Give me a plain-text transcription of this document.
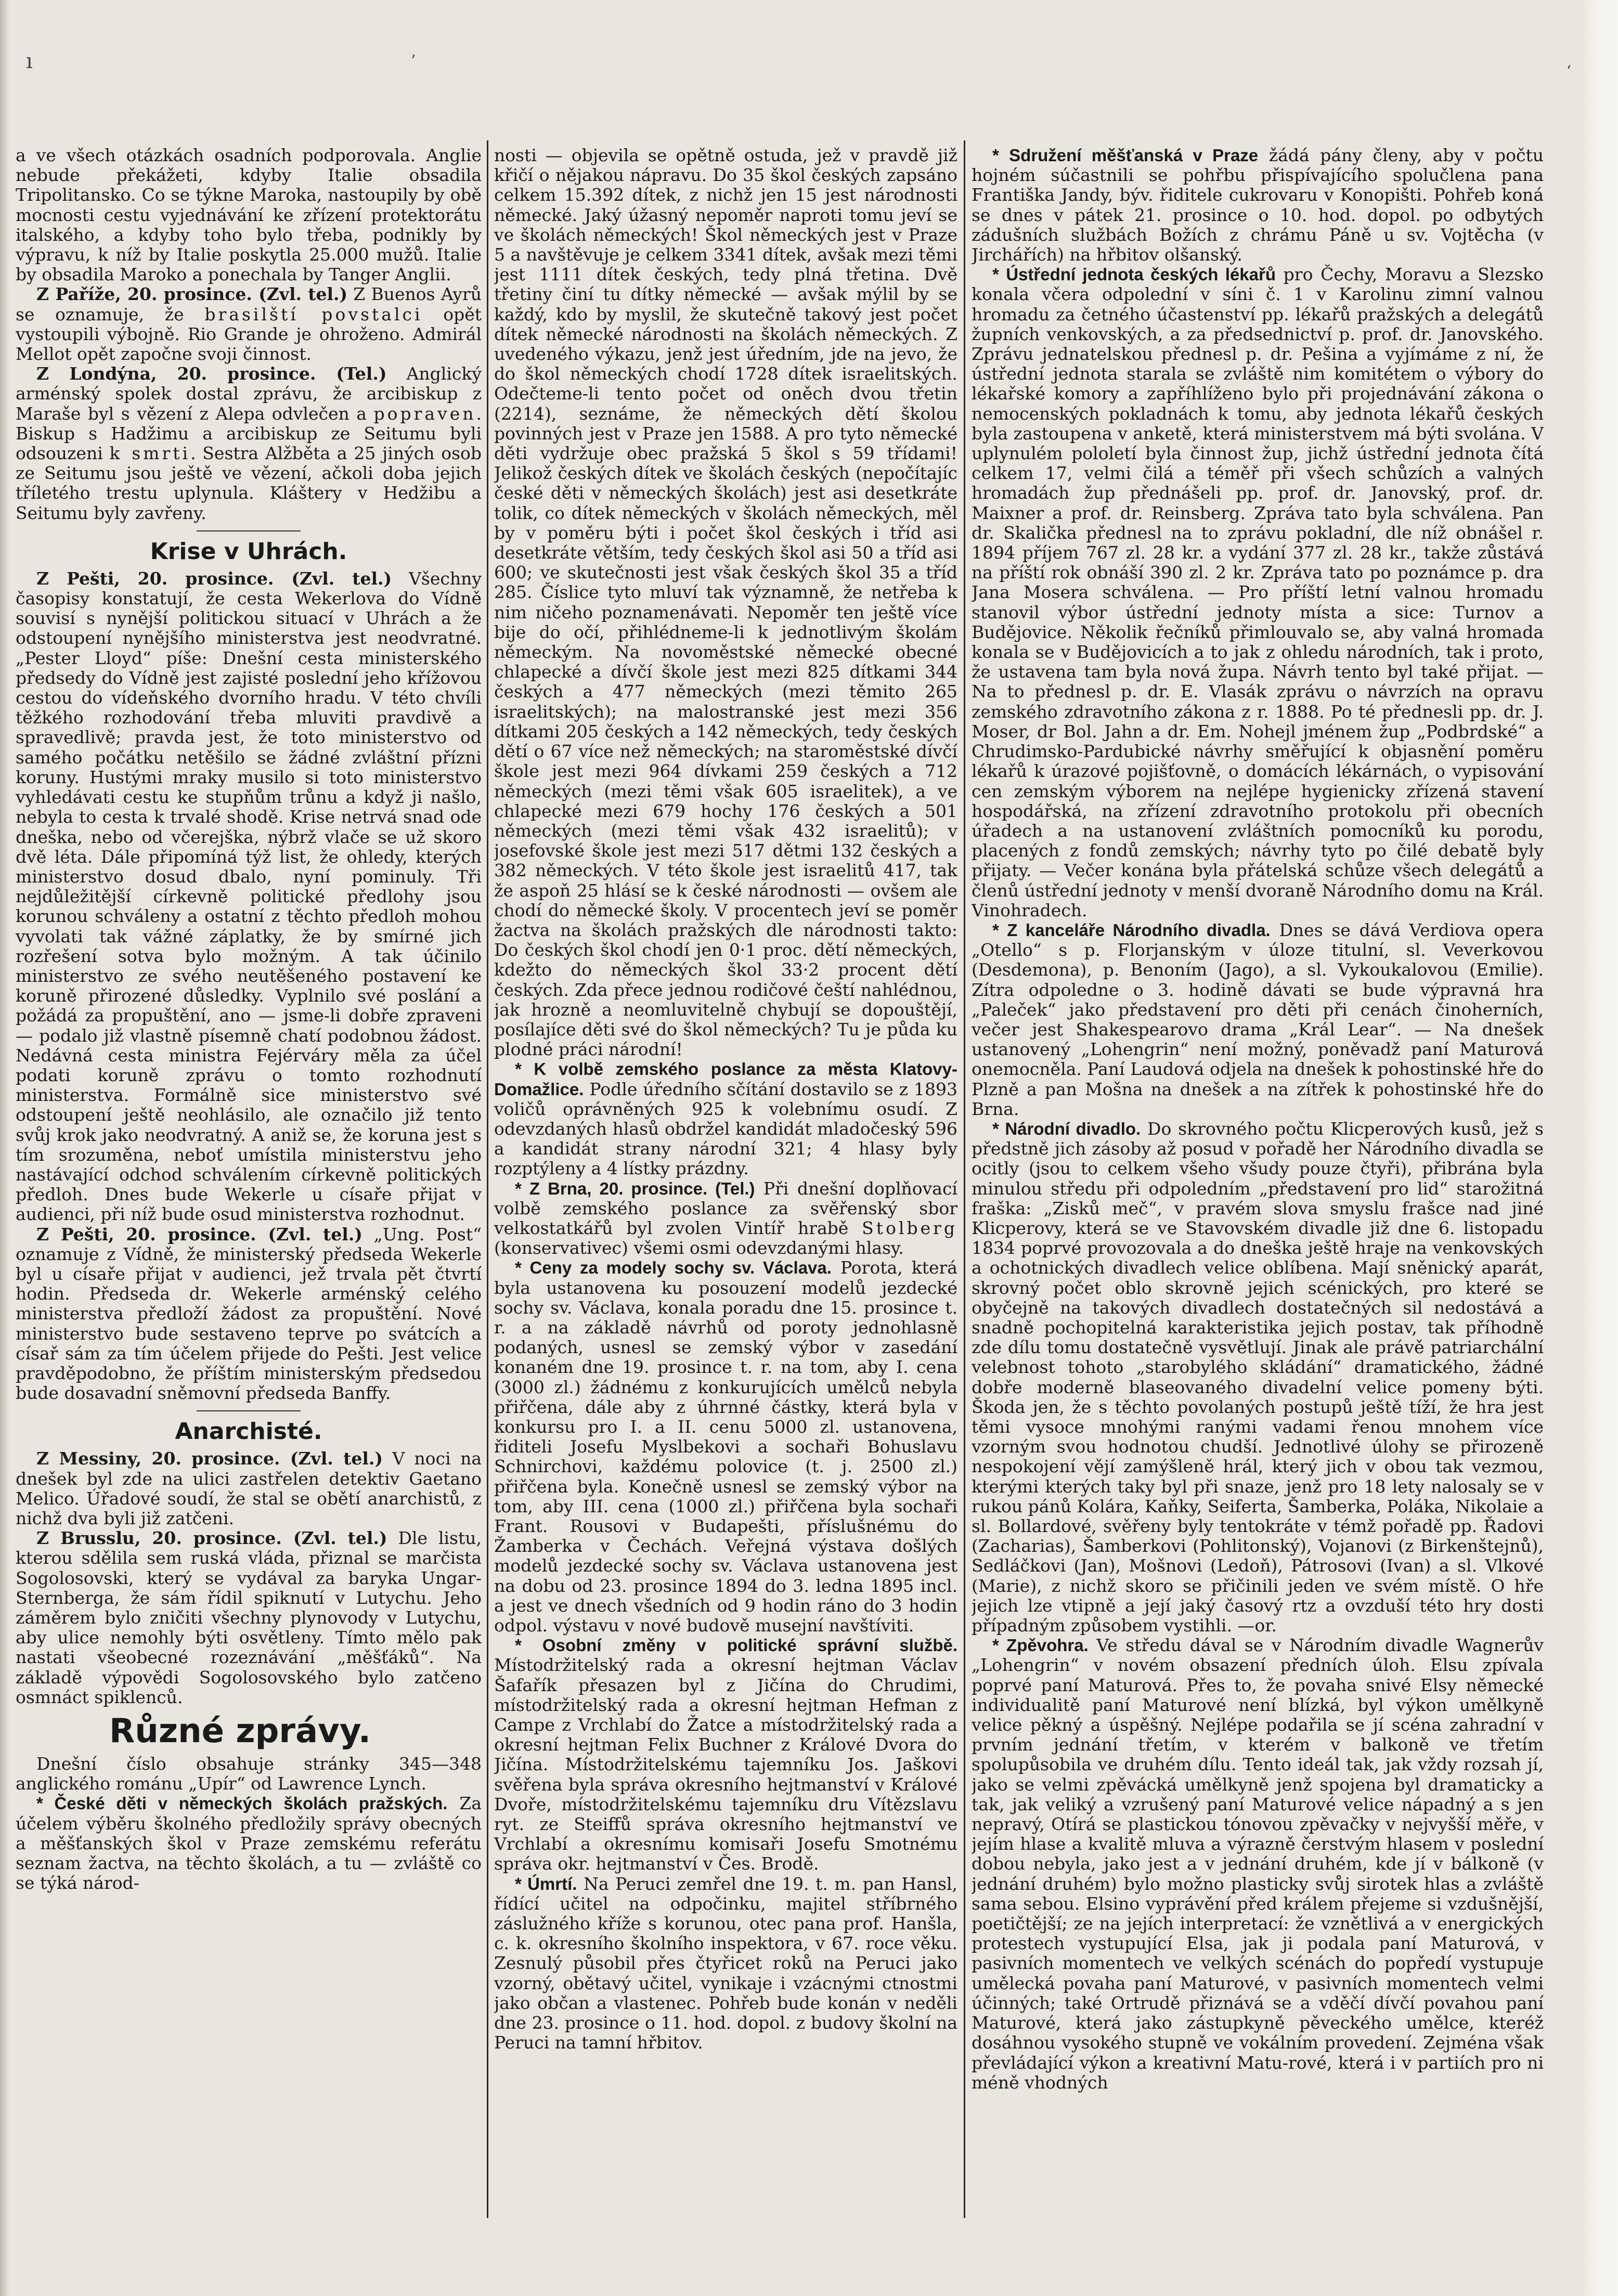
ı	’
‘

a ve všech otázkách osadních podporovala. Anglie nebude překážeti, kdyby Italie obsadila Tripolitansko. Co se týkne Maroka, nastoupily by obě mocnosti cestu vyjednávání ke zřízení protektorátu italského, a kdyby toho bylo třeba, podnikly by výpravu, k níž by Italie poskytla 25.000 mužů. Italie by obsadila Maroko a ponechala by Tanger Anglii.

Z Paříže, 20. prosince. (Zvl. tel.) Z Buenos Ayrů se oznamuje, že brasilští povstalci opět vystoupili výbojně. Rio Grande je ohroženo. Admirál Mellot opět započne svoji činnost.

Z Londýna, 20. prosince. (Tel.) Anglický arménský spolek dostal zprávu, že arcibiskup z Maraše byl s vězení z Alepa odvlečen a popraven. Biskup s Hadžimu a arcibiskup ze Seitumu byli odsouzeni k smrti. Sestra Alžběta a 25 jiných osob ze Seitumu jsou ještě ve vězení, ačkoli doba jejich tříletého trestu uplynula. Kláštery v Hedžibu a Seitumu byly zavřeny.

Krise v Uhrách.

Z Pešti, 20. prosince. (Zvl. tel.) Všechny časopisy konstatují, že cesta Wekerlova do Vídně souvisí s nynější politickou situací v Uhrách a že odstoupení nynějšího ministerstva jest neodvratné. „Pester Lloyd“ píše: Dnešní cesta ministerského předsedy do Vídně jest zajisté poslední jeho křížovou cestou do vídeňského dvorního hradu. V této chvíli těžkého rozhodování třeba mluviti pravdivě a spravedlivě; pravda jest, že toto ministerstvo od samého počátku netěšilo se žádné zvláštní přízni koruny. Hustými mraky musilo si toto ministerstvo vyhledávati cestu ke stupňům trůnu a když ji našlo, nebyla to cesta k trvalé shodě. Krise netrvá snad ode dneška, nebo od včerejška, nýbrž vlače se už skoro dvě léta. Dále připomíná týž list, že ohledy, kterých ministerstvo dosud dbalo, nyní pominuly. Tři nejdůležitější církevně politické předlohy jsou korunou schváleny a ostatní z těchto předloh mohou vyvolati tak vážné záplatky, že by smírné jich rozřešení sotva bylo možným. A tak účinilo ministerstvo ze svého neutěšeného postavení ke koruně přirozené důsledky. Vyplnilo své poslání a požádá za propuštění, ano — jsme-li dobře zpraveni — podalo již vlastně písemně chatí podobnou žádost. Nedávná cesta ministra Fejérváry měla za účel podati koruně zprávu o tomto rozhodnutí ministerstva. Formálně sice ministerstvo své odstoupení ještě neohlásilo, ale označilo již tento svůj krok jako neodvratný. A aniž se, že koruna jest s tím srozuměna, neboť umístila ministerstvu jeho nastávající odchod schválením církevně politických předloh. Dnes bude Wekerle u císaře přijat v audienci, při níž bude osud ministerstva rozhodnut.

Z Pešti, 20. prosince. (Zvl. tel.) „Ung. Post“ oznamuje z Vídně, že ministerský předseda Wekerle byl u císaře přijat v audienci, jež trvala pět čtvrtí hodin. Předseda dr. Wekerle arménský celého ministerstva předloží žádost za propuštění. Nové ministerstvo bude sestaveno teprve po svátcích a císař sám za tím účelem přijede do Pešti. Jest velice pravděpodobno, že příštím ministerským předsedou bude dosavadní sněmovní předseda Banffy.

Anarchisté.

Z Messiny, 20. prosince. (Zvl. tel.) V noci na dnešek byl zde na ulici zastřelen detektiv Gaetano Melico. Úřadové soudí, že stal se obětí anarchistů, z nichž dva byli již zatčeni.

Z Brusslu, 20. prosince. (Zvl. tel.) Dle listu, kterou sdělila sem ruská vláda, přiznal se marčista Sogolosovski, který se vydával za baryka Ungar-Sternberga, že sám řídil spiknutí v Lutychu. Jeho záměrem bylo zničiti všechny plynovody v Lutychu, aby ulice nemohly býti osvětleny. Tímto mělo pak nastati všeobecné rozeznávání „měšťáků“. Na základě výpovědi Sogolosovského bylo zatčeno osmnáct spiklenců.

Různé zprávy.

Dnešní číslo obsahuje stránky 345—348 anglického románu „Upír“ od Lawrence Lynch.

* České děti v německých školách pražských. Za účelem výběru školného předložily správy obecných a měšťanských škol v Praze zemskému referátu seznam žactva, na těchto školách, a tu — zvláště co se týká národ-

nosti — objevila se opětně ostuda, jež v pravdě již křičí o nějakou nápravu. Do 35 škol českých zapsáno celkem 15.392 dítek, z nichž jen 15 jest národnosti německé. Jaký úžasný nepoměr naproti tomu jeví se ve školách německých! Škol německých jest v Praze 5 a navštěvuje je celkem 3341 dítek, avšak mezi těmi jest 1111 dítek českých, tedy plná třetina. Dvě třetiny činí tu dítky německé — avšak mýlil by se každý, kdo by myslil, že skutečně takový jest počet dítek německé národnosti na školách německých. Z uvedeného výkazu, jenž jest úředním, jde na jevo, že do škol německých chodí 1728 dítek israelitských. Odečteme-li tento počet od oněch dvou třetin (2214), seznáme, že německých dětí školou povinných jest v Praze jen 1588. A pro tyto německé děti vydržuje obec pražská 5 škol s 59 třídami! Jelikož českých dítek ve školách českých (nepočítajíc české děti v německých školách) jest asi desetkráte tolik, co dítek německých v školách německých, měl by v poměru býti i počet škol českých i tříd asi desetkráte větším, tedy českých škol asi 50 a tříd asi 600; ve skutečnosti jest však českých škol 35 a tříd 285. Číslice tyto mluví tak významně, že netřeba k nim ničeho poznamenávati. Nepoměr ten ještě více bije do očí, přihlédneme-li k jednotlivým školám německým. Na novoměstské německé obecné chlapecké a dívčí škole jest mezi 825 dítkami 344 českých a 477 německých (mezi těmito 265 israelitských); na malostranské jest mezi 356 dítkami 205 českých a 142 německých, tedy českých dětí o 67 více než německých; na staroměstské dívčí škole jest mezi 964 dívkami 259 českých a 712 německých (mezi těmi však 605 israelitek), a ve chlapecké mezi 679 hochy 176 českých a 501 německých (mezi těmi však 432 israelitů); v josefovské škole jest mezi 517 dětmi 132 českých a 382 německých. V této škole jest israelitů 417, tak že aspoň 25 hlásí se k české národnosti — ovšem ale chodí do německé školy. V procentech jeví se poměr žactva na školách pražských dle národnosti takto: Do českých škol chodí jen 0·1 proc. dětí německých, kdežto do německých škol 33·2 procent dětí českých. Zda přece jednou rodičové čeští nahlédnou, jak hrozně a neomluvitelně chybují se dopouštějí, posílajíce děti své do škol německých? Tu je půda ku plodné práci národní!

* K volbě zemského poslance za města Klatovy-Domažlice. Podle úředního sčítání dostavilo se z 1893 voličů oprávněných 925 k volebnímu osudí. Z odevzdaných hlasů obdržel kandidát mladočeský 596 a kandidát strany národní 321; 4 hlasy byly rozptýleny a 4 lístky prázdny.

* Z Brna, 20. prosince. (Tel.) Při dnešní doplňovací volbě zemského poslance za svěřenský sbor velkostatkářů byl zvolen Vintíř hrabě Stolberg (konservativec) všemi osmi odevzdanými hlasy.

* Ceny za modely sochy sv. Václava. Porota, která byla ustanovena ku posouzení modelů jezdecké sochy sv. Václava, konala poradu dne 15. prosince t. r. a na základě návrhů od poroty jednohlasně podaných, usnesl se zemský výbor v zasedání konaném dne 19. prosince t. r. na tom, aby I. cena (3000 zl.) žádnému z konkurujících umělců nebyla přiřčena, dále aby z úhrnné částky, která byla v konkursu pro I. a II. cenu 5000 zl. ustanovena, řiditeli Josefu Myslbekovi a sochaři Bohuslavu Schnirchovi, každému polovice (t. j. 2500 zl.) přiřčena byla. Konečně usnesl se zemský výbor na tom, aby III. cena (1000 zl.) přiřčena byla sochaři Frant. Rousovi v Budapešti, příslušnému do Žamberka v Čechách. Veřejná výstava došlých modelů jezdecké sochy sv. Václava ustanovena jest na dobu od 23. prosince 1894 do 3. ledna 1895 incl. a jest ve dnech všedních od 9 hodin ráno do 3 hodin odpol. výstavu v nové budově musejní navštíviti.

* Osobní změny v politické správní službě. Místodržitelský rada a okresní hejtman Václav Šafařík přesazen byl z Jičína do Chrudimi, místodržitelský rada a okresní hejtman Hefman z Campe z Vrchlabí do Žatce a místodržitelský rada a okresní hejtman Felix Buchner z Králové Dvora do Jičína. Místodržitelskému tajemníku Jos. Jaškovi svěřena byla správa okresního hejtmanství v Králové Dvoře, místodržitelskému tajemníku dru Vítězslavu ryt. ze Steiffů správa okresního hejtmanství ve Vrchlabí a okresnímu komisaři Josefu Smotnému správa okr. hejtmanství v Čes. Brodě.

* Úmrtí. Na Peruci zemřel dne 19. t. m. pan Hansl, řídící učitel na odpočinku, majitel stříbrného záslužného kříže s korunou, otec pana prof. Hanšla, c. k. okresního školního inspektora, v 67. roce věku. Zesnulý působil přes čtyřicet roků na Peruci jako vzorný, obětavý učitel, vynikaje i vzácnými ctnostmi jako občan a vlastenec. Pohřeb bude konán v neděli dne 23. prosince o 11. hod. dopol. z budovy školní na Peruci na tamní hřbitov.

* Sdružení měšťanská v Praze žádá pány členy, aby v počtu hojném súčastnili se pohřbu přispívajícího spolučlena pana Františka Jandy, býv. řiditele cukrovaru v Konopišti. Pohřeb koná se dnes v pátek 21. prosince o 10. hod. dopol. po odbytých zádušních službách Božích z chrámu Páně u sv. Vojtěcha (v Jirchářích) na hřbitov olšanský.

* Ústřední jednota českých lékařů pro Čechy, Moravu a Slezsko konala včera odpolední v síni č. 1 v Karolinu zimní valnou hromadu za četného účastenství pp. lékařů pražských a delegátů župních venkovských, a za předsednictví p. prof. dr. Janovského. Zprávu jednatelskou přednesl p. dr. Pešina a vyjímáme z ní, že ústřední jednota starala se zvláště nim komitétem o výbory do lékařské komory a zapříhlíženo bylo při projednávání zákona o nemocenských pokladnách k tomu, aby jednota lékařů českých byla zastoupena v anketě, která ministerstvem má býti svolána. V uplynulém pololetí byla činnost žup, jichž ústřední jednota čítá celkem 17, velmi čilá a téměř při všech schůzích a valných hromadách žup přednášeli pp. prof. dr. Janovský, prof. dr. Maixner a prof. dr. Reinsberg. Zpráva tato byla schválena. Pan dr. Skalička přednesl na to zprávu pokladní, dle níž obnášel r. 1894 příjem 767 zl. 28 kr. a vydání 377 zl. 28 kr., takže zůstává na příští rok obnáší 390 zl. 2 kr. Zpráva tato po poznámce p. dra Jana Mosera schválena. — Pro příští letní valnou hromadu stanovil výbor ústřední jednoty místa a sice: Turnov a Budějovice. Několik řečníků přimlouvalo se, aby valná hromada konala se v Budějovicích a to jak z ohledu národních, tak i proto, že ustavena tam byla nová župa. Návrh tento byl také přijat. — Na to přednesl p. dr. E. Vlasák zprávu o návrzích na opravu zemského zdravotního zákona z r. 1888. Po té přednesli pp. dr. J. Moser, dr Bol. Jahn a dr. Em. Nohejl jménem žup „Podbrdské“ a Chrudimsko-Pardubické návrhy směřující k objasnění poměru lékařů k úrazové pojišťovně, o domácích lékárnách, o vypisování cen zemským výborem na nejlépe hygienicky zřízená stavení hospodářská, na zřízení zdravotního protokolu při obecních úřadech a na ustanovení zvláštních pomocníků ku porodu, placených z fondů zemských; návrhy tyto po čilé debatě byly přijaty. — Večer konána byla přátelská schůze všech delegátů a členů ústřední jednoty v menší dvoraně Národního domu na Král. Vinohradech.

* Z kanceláře Národního divadla. Dnes se dává Verdiova opera „Otello“ s p. Florjanským v úloze titulní, sl. Veverkovou (Desdemona), p. Benoním (Jago), a sl. Vykoukalovou (Emilie). Zítra odpoledne o 3. hodině dávati se bude výpravná hra „Paleček“ jako představení pro děti při cenách činoherních, večer jest Shakespearovo drama „Král Lear“. — Na dnešek ustanovený „Lohengrin“ není možný, poněvadž paní Maturová onemocněla. Paní Laudová odjela na dnešek k pohostinské hře do Plzně a pan Mošna na dnešek a na zítřek k pohostinské hře do Brna.

* Národní divadlo. Do skrovného počtu Klicperových kusů, jež s předstně jich zásoby až posud v pořadě her Národního divadla se ocitly (jsou to celkem všeho všudy pouze čtyři), přibrána byla minulou středu při odpoledním „představení pro lid“ starožitná fraška: „Zisků meč“, v pravém slova smyslu frašce nad jiné Klicperovy, která se ve Stavovském divadle již dne 6. listopadu 1834 poprvé provozovala a do dneška ještě hraje na venkovských a ochotnických divadlech velice oblíbena. Mají sněnický aparát, skrovný počet oblo skrovně jejich scénických, pro které se obyčejně na takových divadlech dostatečných sil nedostává a snadně pochopitelná karakteristika jejich postav, tak příhodně zde dílu tomu dostatečně vysvětlují. Jinak ale právě patriarchální velebnost tohoto „starobylého skládání“ dramatického, žádné dobře moderně blaseovaného divadelní velice pomeny býti. Škoda jen, že s těchto povolaných postupů ještě tíží, že hra jest těmi vysoce mnohými ranými vadami řenou mnohem více vzorným svou hodnotou chudší. Jednotlivé úlohy se přirozeně nespokojení vějí zamýšleně hrál, který jich v obou tak vezmou, kterými kterých taky byl při snaze, jenž pro 18 lety nalosaly se v rukou pánů Kolára, Kaňky, Seiferta, Šamberka, Poláka, Nikolaie a sl. Bollardové, svěřeny byly tentokráte v témž pořadě pp. Řadovi (Zacharias), Šamberkovi (Pohlitonský), Vojanovi (z Birkenštejnů), Sedláčkovi (Jan), Mošnovi (Ledoň), Pátrosovi (Ivan) a sl. Vlkové (Marie), z nichž skoro se přičinili jeden ve svém místě. O hře jejich lze vtipně a její jaký časový rtz a ovzduší této hry dosti případným způsobem vystihli. —or.

* Zpěvohra. Ve středu dával se v Národním divadle Wagnerův „Lohengrin“ v novém obsazení předních úloh. Elsu zpívala poprvé paní Maturová. Přes to, že povaha snivé Elsy německé individualitě paní Maturové není blízká, byl výkon umělkyně velice pěkný a úspěšný. Nejlépe podařila se jí scéna zahradní v prvním jednání třetím, v kterém v balkoně ve třetím spolupůsobila ve druhém dílu. Tento ideál tak, jak vždy rozsah jí, jako se velmi zpěvácká umělkyně jenž spojena byl dramaticky a tak, jak veliký a vzrušený paní Maturové velice nápadný a s jen nepravý, Otírá se plastickou tónovou zpěvačky v nejvyšší měře, v jejím hlase a kvalitě mluva a výrazně čerstvým hlasem v poslední dobou nebyla, jako jest a v jednání druhém, kde jí v bálkoně (v jednání druhém) bylo možno plasticky svůj sirotek hlas a zvláště sama sebou. Elsino vyprávění před králem přejeme si vzdušnější, poetičtější; ze na jejích interpretací: že vznětlivá a v energických protestech vystupující Elsa, jak ji podala paní Maturová, v pasivních momentech ve velkých scénách do popředí vystupuje umělecká povaha paní Maturové, v pasivních momentech velmi účinných; také Ortrudě přiznává se a vděčí dívčí povahou paní Maturové, která jako zástupkyně pěveckého umělce, kteréž dosáhnou vysokého stupně ve vokálním provedení. Zejména však převládající výkon a kreativní Matu-rové, která i v partiích pro ni méně vhodných
